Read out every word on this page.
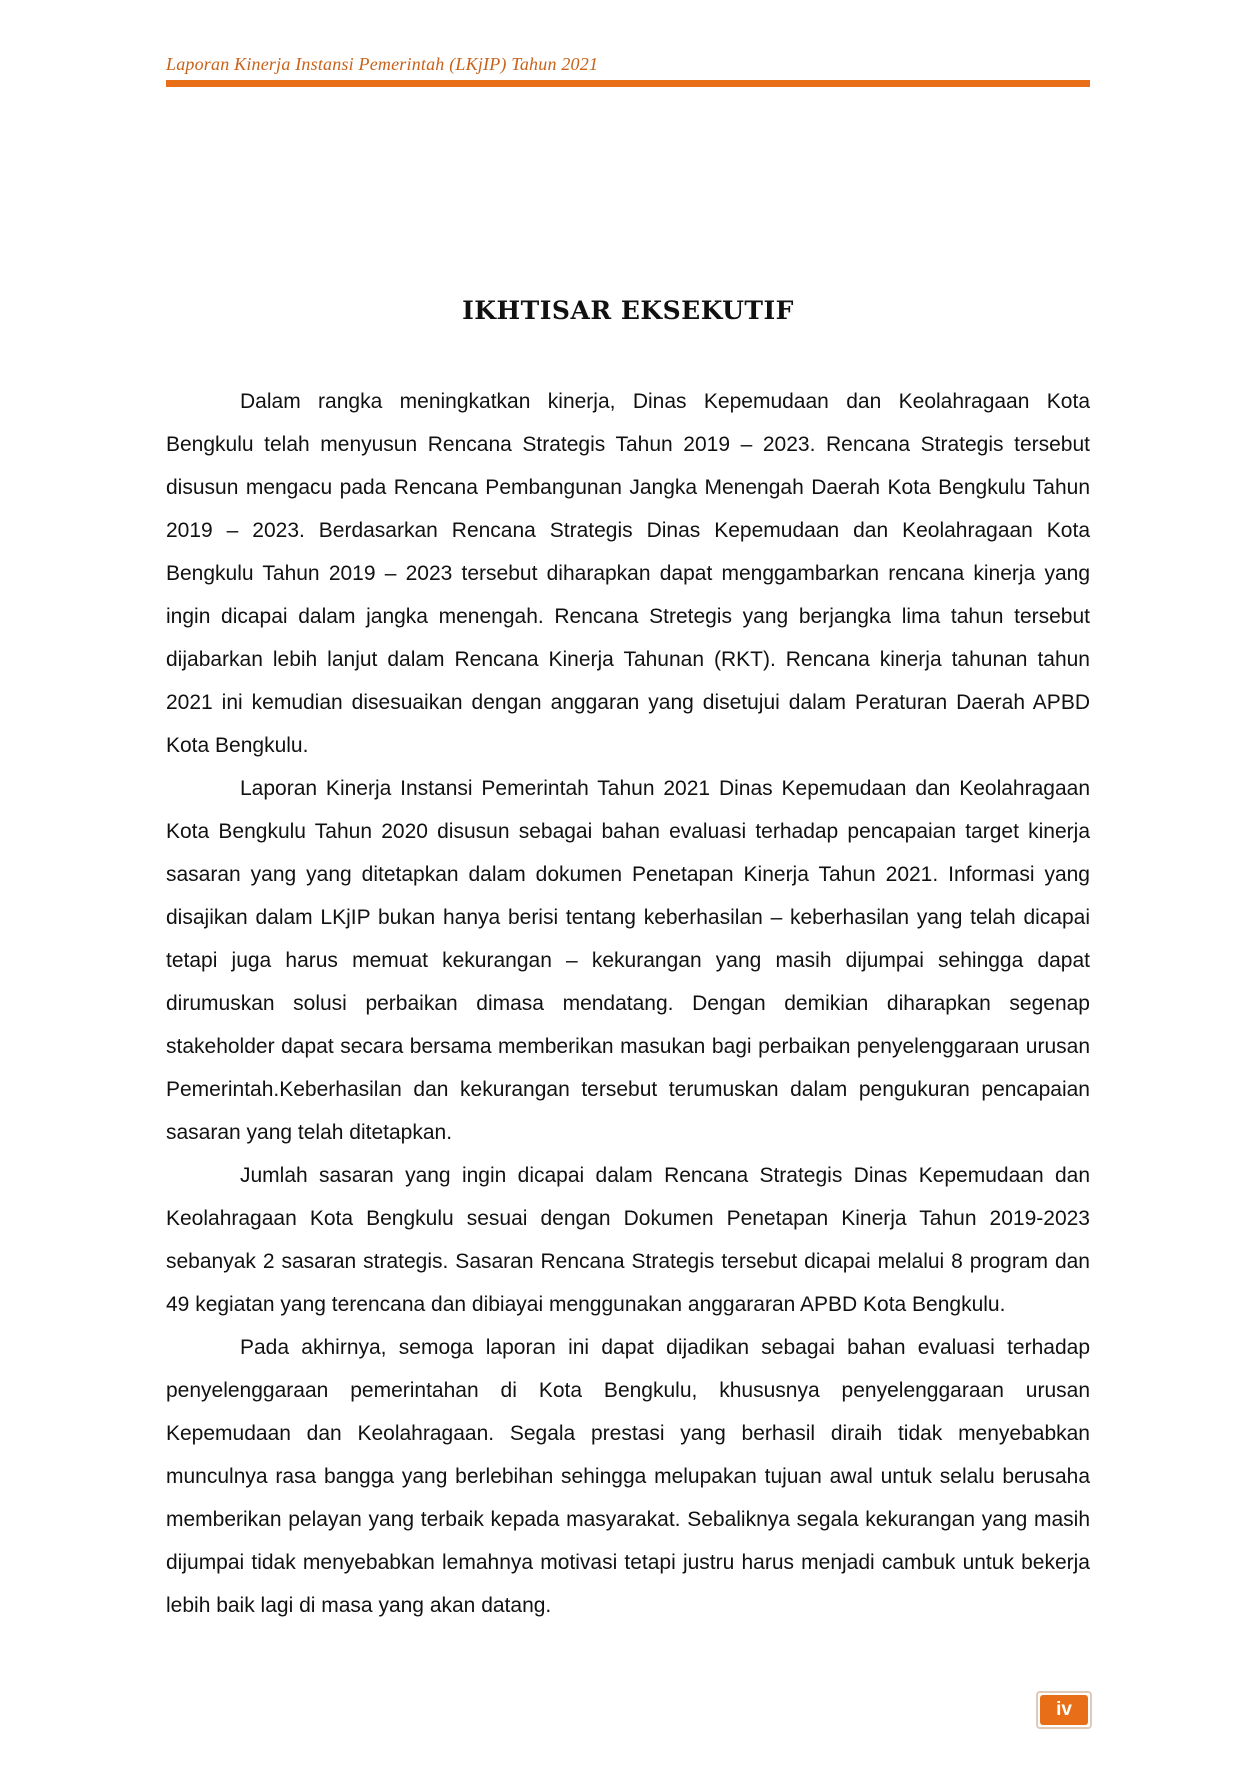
Laporan Kinerja Instansi Pemerintah (LKjIP) Tahun 2021
IKHTISAR EKSEKUTIF

Dalam rangka meningkatkan kinerja, Dinas Kepemudaan dan Keolahragaan Kota Bengkulu telah menyusun Rencana Strategis Tahun 2019 – 2023. Rencana Strategis tersebut disusun mengacu pada Rencana Pembangunan Jangka Menengah Daerah Kota Bengkulu Tahun 2019 – 2023. Berdasarkan Rencana Strategis Dinas Kepemudaan dan Keolahragaan Kota Bengkulu Tahun 2019 – 2023 tersebut diharapkan dapat menggambarkan rencana kinerja yang ingin dicapai dalam jangka menengah. Rencana Stretegis yang berjangka lima tahun tersebut dijabarkan lebih lanjut dalam Rencana Kinerja Tahunan (RKT). Rencana kinerja tahunan tahun 2021 ini kemudian disesuaikan dengan anggaran yang disetujui dalam Peraturan Daerah APBD Kota Bengkulu.

Laporan Kinerja Instansi Pemerintah Tahun 2021 Dinas Kepemudaan dan Keolahragaan Kota Bengkulu Tahun 2020 disusun sebagai bahan evaluasi terhadap pencapaian target kinerja sasaran yang yang ditetapkan dalam dokumen Penetapan Kinerja Tahun 2021. Informasi yang disajikan dalam LKjIP bukan hanya berisi tentang keberhasilan – keberhasilan yang telah dicapai tetapi juga harus memuat kekurangan – kekurangan yang masih dijumpai sehingga dapat dirumuskan solusi perbaikan dimasa mendatang. Dengan demikian diharapkan segenap stakeholder dapat secara bersama memberikan masukan bagi perbaikan penyelenggaraan urusan Pemerintah.Keberhasilan dan kekurangan tersebut terumuskan dalam pengukuran pencapaian sasaran yang telah ditetapkan.

Jumlah sasaran yang ingin dicapai dalam Rencana Strategis Dinas Kepemudaan dan Keolahragaan Kota Bengkulu sesuai dengan Dokumen Penetapan Kinerja Tahun 2019-2023 sebanyak 2 sasaran strategis. Sasaran Rencana Strategis tersebut dicapai melalui 8 program dan 49 kegiatan yang terencana dan dibiayai menggunakan anggararan APBD Kota Bengkulu.

Pada akhirnya, semoga laporan ini dapat dijadikan sebagai bahan evaluasi terhadap penyelenggaraan pemerintahan di Kota Bengkulu, khususnya penyelenggaraan urusan Kepemudaan dan Keolahragaan. Segala prestasi yang berhasil diraih tidak menyebabkan munculnya rasa bangga yang berlebihan sehingga melupakan tujuan awal untuk selalu berusaha memberikan pelayan yang terbaik kepada masyarakat. Sebaliknya segala kekurangan yang masih dijumpai tidak menyebabkan lemahnya motivasi tetapi justru harus menjadi cambuk untuk bekerja lebih baik lagi di masa yang akan datang.

iv
